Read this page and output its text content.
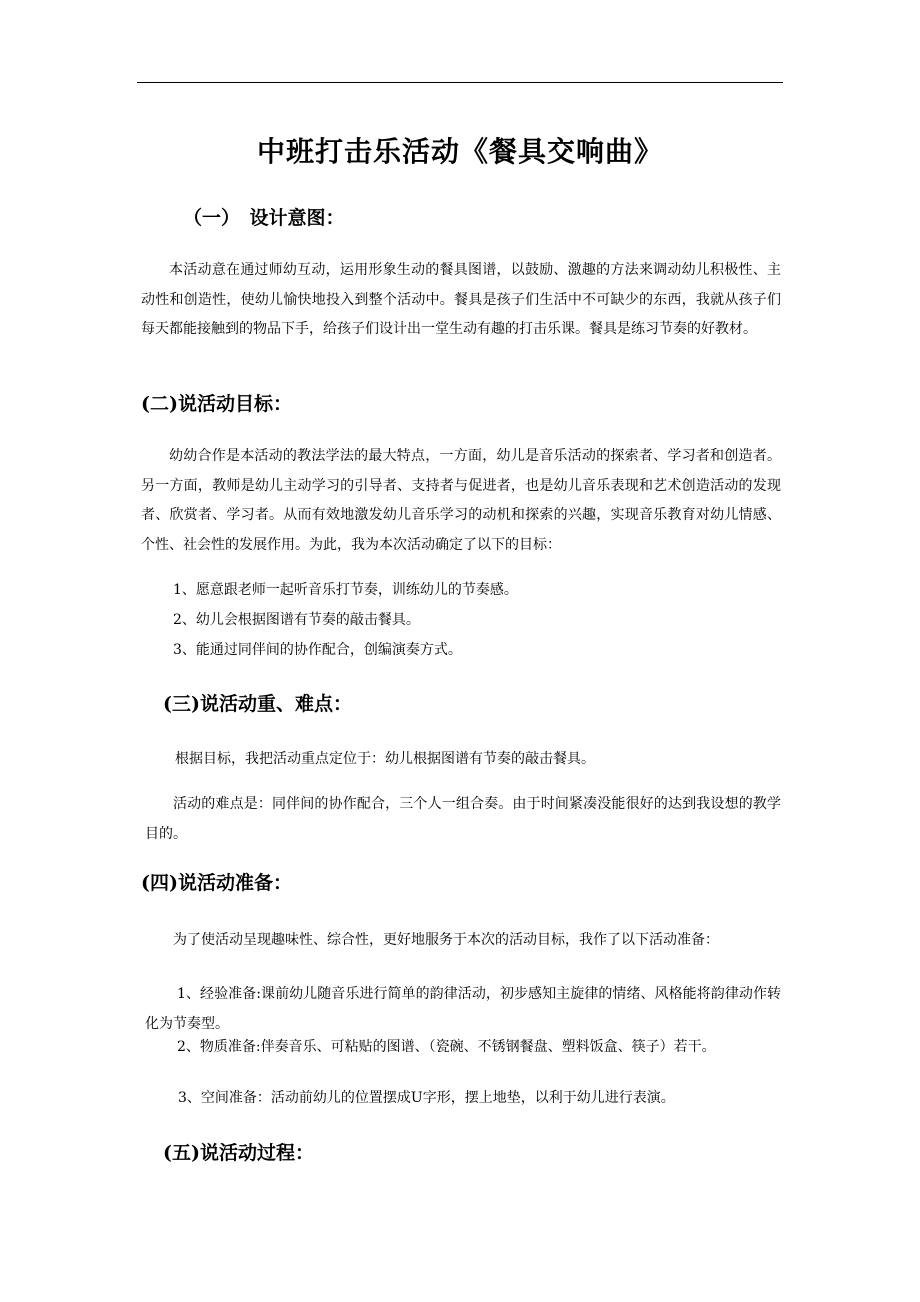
中班打击乐活动《餐具交响曲》
（一）　设计意图：
本活动意在通过师幼互动，运用形象生动的餐具图谱，以鼓励、激趣的方法来调动幼儿积极性、主动性和创造性，使幼儿愉快地投入到整个活动中。餐具是孩子们生活中不可缺少的东西，我就从孩子们每天都能接触到的物品下手，给孩子们设计出一堂生动有趣的打击乐课。餐具是练习节奏的好教材。
(二)说活动目标：
幼幼合作是本活动的教法学法的最大特点，一方面，幼儿是音乐活动的探索者、学习者和创造者。另一方面，教师是幼儿主动学习的引导者、支持者与促进者，也是幼儿音乐表现和艺术创造活动的发现者、欣赏者、学习者。从而有效地激发幼儿音乐学习的动机和探索的兴趣，实现音乐教育对幼儿情感、个性、社会性的发展作用。为此，我为本次活动确定了以下的目标：
1、愿意跟老师一起听音乐打节奏，训练幼儿的节奏感。
2、幼儿会根据图谱有节奏的敲击餐具。
3、能通过同伴间的协作配合，创编演奏方式。
(三)说活动重、难点：
根据目标，我把活动重点定位于：幼儿根据图谱有节奏的敲击餐具。
活动的难点是：同伴间的协作配合，三个人一组合奏。由于时间紧凑没能很好的达到我设想的教学目的。
(四)说活动准备：
为了使活动呈现趣味性、综合性，更好地服务于本次的活动目标，我作了以下活动准备：
1、经验准备:课前幼儿随音乐进行简单的韵律活动，初步感知主旋律的情绪、风格能将韵律动作转化为节奏型。
2、物质准备:伴奏音乐、可粘贴的图谱、（瓷碗、不锈钢餐盘、塑料饭盒、筷子）若干。
3、空间准备：活动前幼儿的位置摆成U字形，摆上地垫，以利于幼儿进行表演。
(五)说活动过程：
